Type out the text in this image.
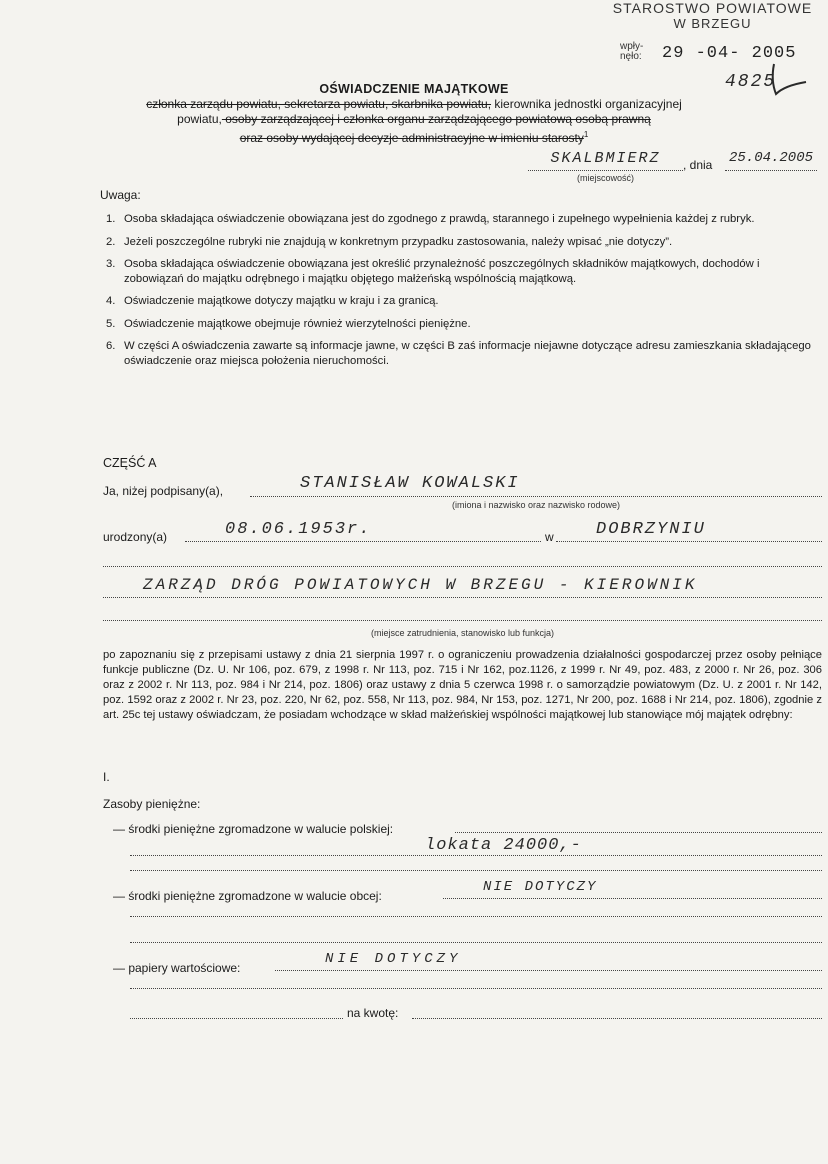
STAROSTWO POWIATOWE
W BRZEGU
wpły-
nęło: 29 -04- 2005
4825
OŚWIADCZENIE MAJĄTKOWE
członka zarządu powiatu, sekretarza powiatu, skarbnika powiatu, kierownika jednostki organizacyjnej
powiatu, osoby zarządzającej i członka organu zarządzającego powiatową osobą prawną
oraz osoby wydającej decyzje administracyjne w imieniu starosty$^1$
SKALBMIERZ
(miejscowość)
, dnia 25.04.2005
Uwaga:
1. Osoba składająca oświadczenie obowiązana jest do zgodnego z prawdą, starannego i zupełnego wypełnienia każdej z rubryk.
2. Jeżeli poszczególne rubryki nie znajdują w konkretnym przypadku zastosowania, należy wpisać „nie dotyczy”.
3. Osoba składająca oświadczenie obowiązana jest określić przynależność poszczególnych składników majątkowych, dochodów i zobowiązań do majątku odrębnego i majątku objętego małżeńską wspólnością majątkową.
4. Oświadczenie majątkowe dotyczy majątku w kraju i za granicą.
5. Oświadczenie majątkowe obejmuje również wierzytelności pieniężne.
6. W części A oświadczenia zawarte są informacje jawne, w części B zaś informacje niejawne dotyczące adresu zamieszkania składającego oświadczenie oraz miejsca położenia nieruchomości.
CZĘŚĆ A
Ja, niżej podpisany(a),	STANISŁAW KOWALSKI
(imiona i nazwisko oraz nazwisko rodowe)
urodzony(a)	08.06.1953r.	w	DOBRZYNIU
ZARZĄD DRÓG POWIATOWYCH W BRZEGU - KIEROWNIK
(miejsce zatrudnienia, stanowisko lub funkcja)
po zapoznaniu się z przepisami ustawy z dnia 21 sierpnia 1997 r. o ograniczeniu prowadzenia działalności gospodarczej przez osoby pełniące funkcje publiczne (Dz. U. Nr 106, poz. 679, z 1998 r. Nr 113, poz. 715 i Nr 162, poz.1126, z 1999 r. Nr 49, poz. 483, z 2000 r. Nr 26, poz. 306 oraz z 2002 r. Nr 113, poz. 984 i Nr 214, poz. 1806) oraz ustawy z dnia 5 czerwca 1998 r. o samorządzie powiatowym (Dz. U. z 2001 r. Nr 142, poz. 1592 oraz z 2002 r. Nr 23, poz. 220, Nr 62, poz. 558, Nr 113, poz. 984, Nr 153, poz. 1271, Nr 200, poz. 1688 i Nr 214, poz. 1806), zgodnie z art. 25c tej ustawy oświadczam, że posiadam wchodzące w skład małżeńskiej wspólności majątkowej lub stanowiące mój majątek odrębny:
I.
Zasoby pieniężne:
— środki pieniężne zgromadzone w walucie polskiej:
lokata 24000,-
— środki pieniężne zgromadzone w walucie obcej:
NIE DOTYCZY
— papiery wartościowe:
NIE DOTYCZY
na kwotę:
